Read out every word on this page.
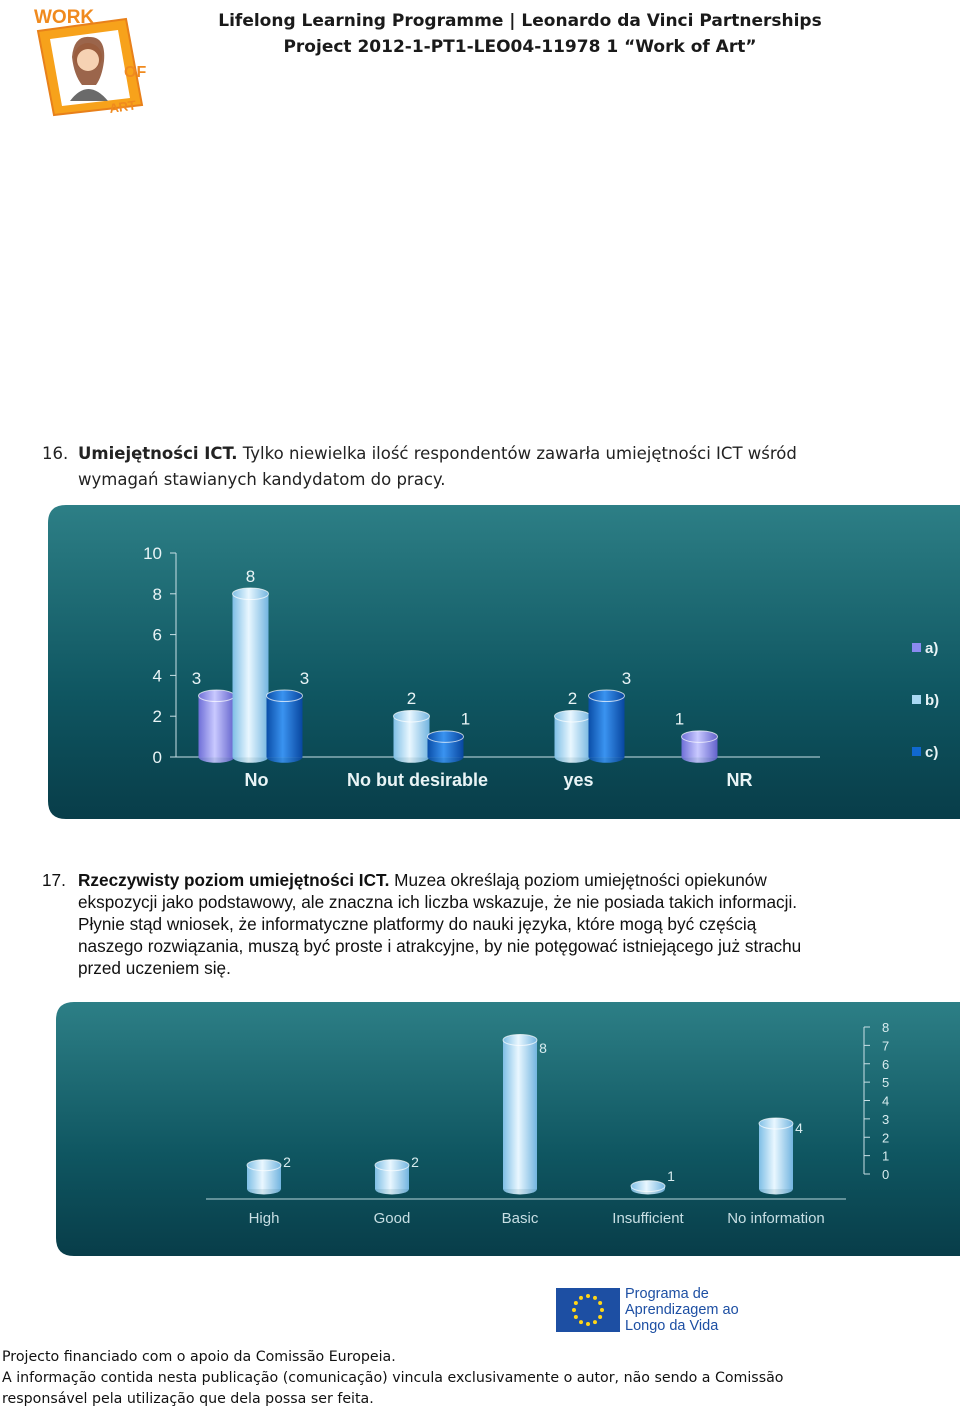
WORK
OF
ART
Lifelong Learning Programme | Leonardo da Vinci Partnerships
Project 2012-1-PT1-LEO04-11978 1 “Work of Art”
16. Umiejętności ICT. Tylko niewielka ilość respondentów zawarła umiejętności ICT wśród
wymagań stawianych kandydatom do pracy.
0
2
4
6
8
10
No
3
8
3
No but desirable
2
1
yes
2
3
NR
1
a)
b)
c)
17. Rzeczywisty poziom umiejętności ICT. Muzea określają poziom umiejętności opiekunów
ekspozycji jako podstawowy, ale znaczna ich liczba wskazuje, że nie posiada takich informacji.
Płynie stąd wniosek, że informatyczne platformy do nauki języka, które mogą być częścią
naszego rozwiązania, muszą być proste i atrakcyjne, by nie potęgować istniejącego już strachu
przed uczeniem się.
0
1
2
3
4
5
6
7
8
2
High
2
Good
8
Basic
1
Insufficient
4
No information
Programa de
Aprendizagem ao
Longo da Vida
Projecto financiado com o apoio da Comissão Europeia.
A informação contida nesta publicação (comunicação) vincula exclusivamente o autor, não sendo a Comissão
responsável pela utilização que dela possa ser feita.
